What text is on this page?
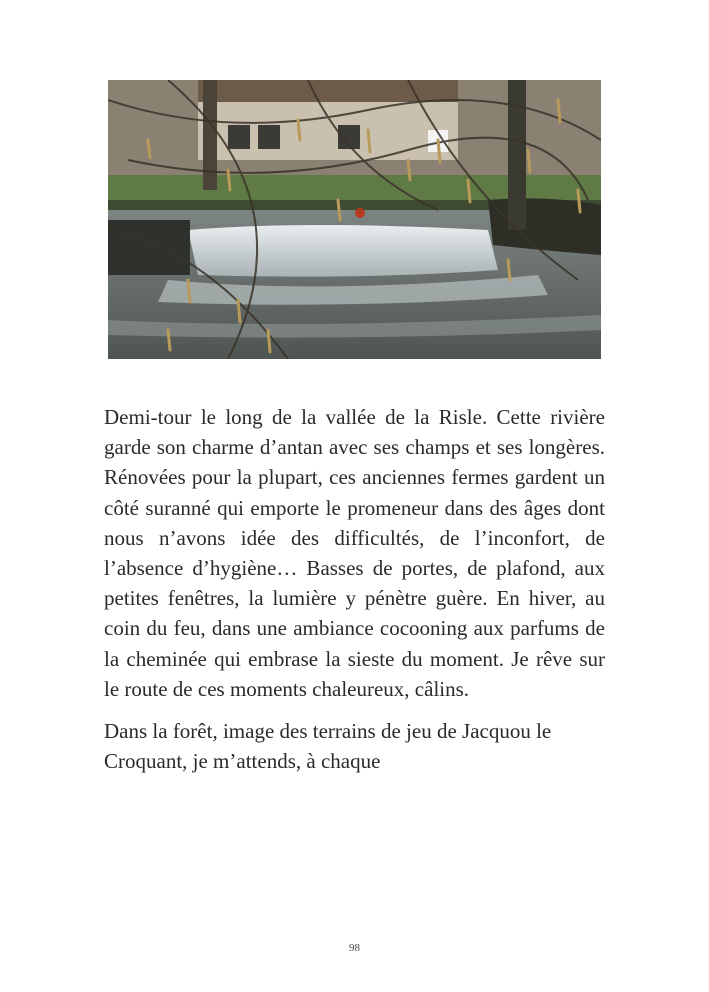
Demi-tour le long de la vallée de la Risle. Cette rivière garde son charme d’antan avec ses champs et ses longères. Rénovées pour la plupart, ces anciennes fermes gardent un côté suranné qui emporte le promeneur dans des âges dont nous n’avons idée des difficultés, de l’inconfort, de l’absence d’hygiène… Basses de portes, de plafond, aux petites fenêtres, la lumière y pénètre guère. En hiver, au coin du feu, dans une ambiance cocooning aux parfums de la cheminée qui embrase la sieste du moment. Je rêve sur le route de ces moments chaleureux, câlins.

Dans la forêt, image des terrains de jeu de Jacquou le Croquant, je m’attends, à chaque

98
